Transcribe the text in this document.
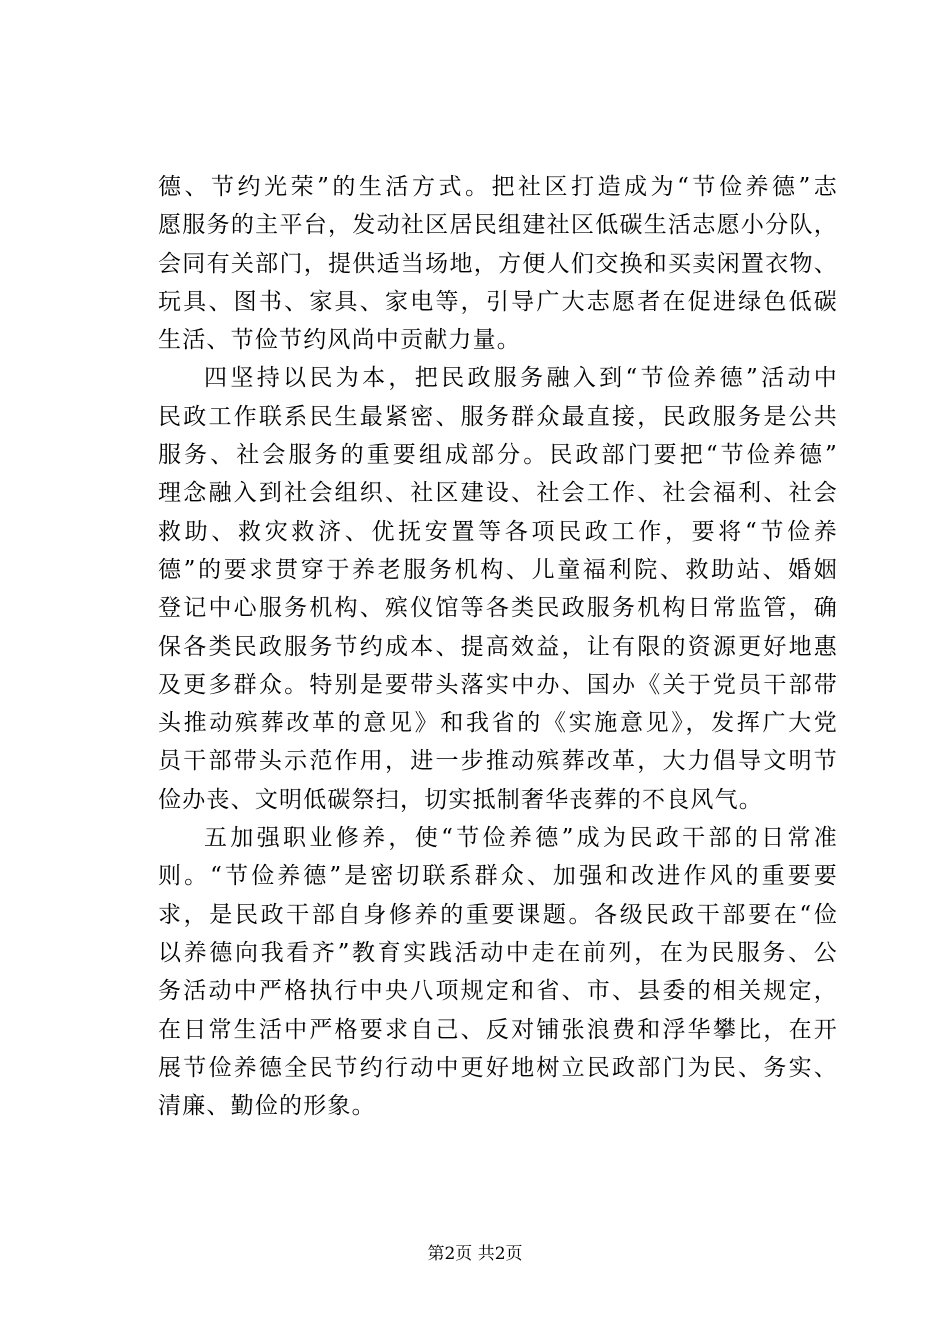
德、节约光荣”的生活方式。把社区打造成为“节俭养德”志
愿服务的主平台，发动社区居民组建社区低碳生活志愿小分队，
会同有关部门，提供适当场地，方便人们交换和买卖闲置衣物、
玩具、图书、家具、家电等，引导广大志愿者在促进绿色低碳
生活、节俭节约风尚中贡献力量。
四坚持以民为本，把民政服务融入到“节俭养德”活动中
民政工作联系民生最紧密、服务群众最直接，民政服务是公共
服务、社会服务的重要组成部分。民政部门要把“节俭养德”
理念融入到社会组织、社区建设、社会工作、社会福利、社会
救助、救灾救济、优抚安置等各项民政工作，要将“节俭养
德”的要求贯穿于养老服务机构、儿童福利院、救助站、婚姻
登记中心服务机构、殡仪馆等各类民政服务机构日常监管，确
保各类民政服务节约成本、提高效益，让有限的资源更好地惠
及更多群众。特别是要带头落实中办、国办《关于党员干部带
头推动殡葬改革的意见》和我省的《实施意见》，发挥广大党
员干部带头示范作用，进一步推动殡葬改革，大力倡导文明节
俭办丧、文明低碳祭扫，切实抵制奢华丧葬的不良风气。
五加强职业修养，使“节俭养德”成为民政干部的日常准
则。“节俭养德”是密切联系群众、加强和改进作风的重要要
求，是民政干部自身修养的重要课题。各级民政干部要在“俭
以养德向我看齐”教育实践活动中走在前列，在为民服务、公
务活动中严格执行中央八项规定和省、市、县委的相关规定，
在日常生活中严格要求自己、反对铺张浪费和浮华攀比，在开
展节俭养德全民节约行动中更好地树立民政部门为民、务实、
清廉、勤俭的形象。
第2页 共2页
